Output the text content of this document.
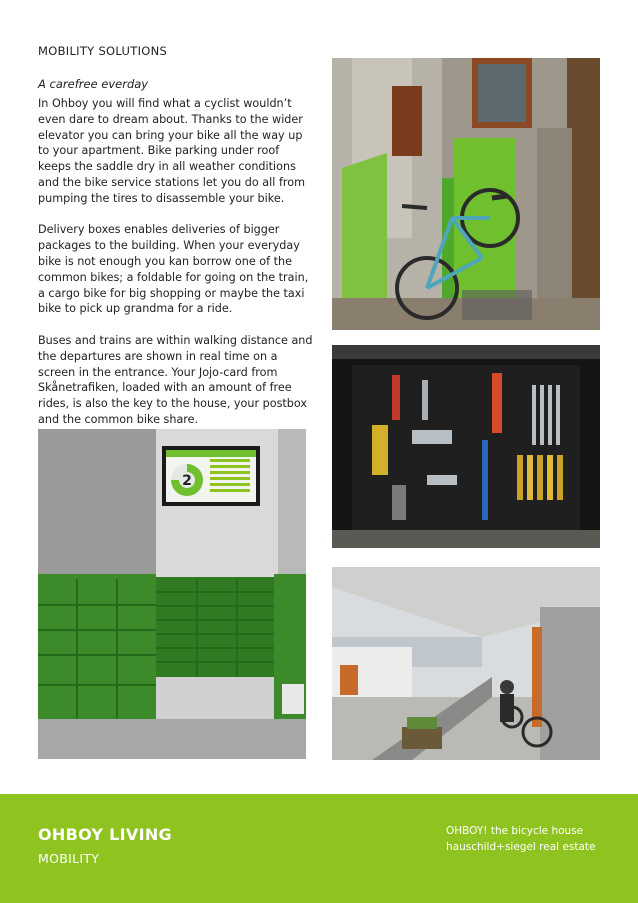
MOBILITY SOLUTIONS
A carefree everday

In Ohboy you will find what a cyclist wouldn’t even dare to dream about. Thanks to the wider elevator you can bring your bike all the way up to your apartment. Bike parking under roof keeps the saddle dry in all weather conditions and the bike service stations let you do all from pumping the tires to disassemble your bike.

Delivery boxes enables deliveries of bigger packages to the building. When your everyday bike is not enough you kan borrow one of the common bikes; a foldable for going on the train, a cargo bike for big shopping or maybe the taxi bike to pick up grandma for a ride.

Buses and trains are within walking distance and the departures are shown in real time on a screen in the entrance. Your Jojo-card from Skånetrafiken, loaded with an amount of free rides, is also the key to the house, your postbox and the common bike share.

2
OHBOY LIVING
MOBILITY
OHBOY! the bicycle house
hauschild+siegel real estate
